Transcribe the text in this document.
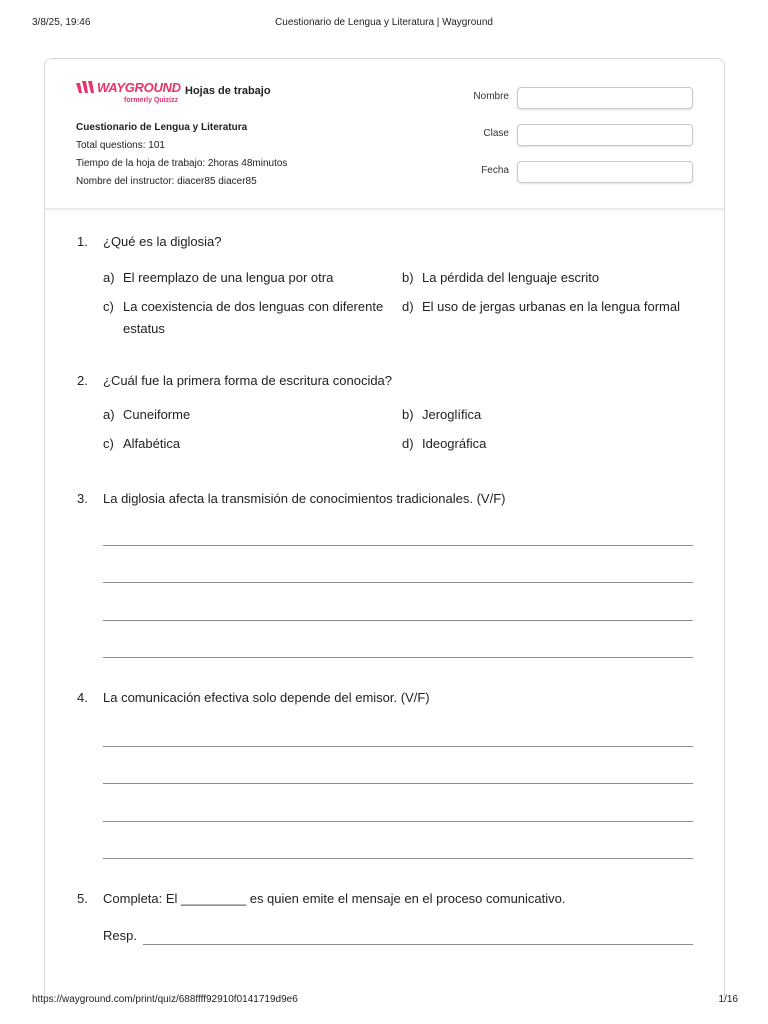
3/8/25, 19:46	Cuestionario de Lengua y Literatura | Wayground
WAYGROUND
formerly Quizizz
Hojas de trabajo
Cuestionario de Lengua y Literatura
Total questions: 101
Tiempo de la hoja de trabajo: 2horas 48minutos
Nombre del instructor: diacer85 diacer85
Nombre
Clase
Fecha
1. ¿Qué es la diglosia?
a) El reemplazo de una lengua por otra	b) La pérdida del lenguaje escrito
c) La coexistencia de dos lenguas con diferente
estatus
d) El uso de jergas urbanas en la lengua formal
2. ¿Cuál fue la primera forma de escritura conocida?
a) Cuneiforme	b) Jeroglífica
c) Alfabética	d) Ideográfica
3. La diglosia afecta la transmisión de conocimientos tradicionales. (V/F)
4. La comunicación efectiva solo depende del emisor. (V/F)
5. Completa: El _________ es quien emite el mensaje en el proceso comunicativo.
Resp.
https://wayground.com/print/quiz/688ffff92910f0141719d9e6	1/16
